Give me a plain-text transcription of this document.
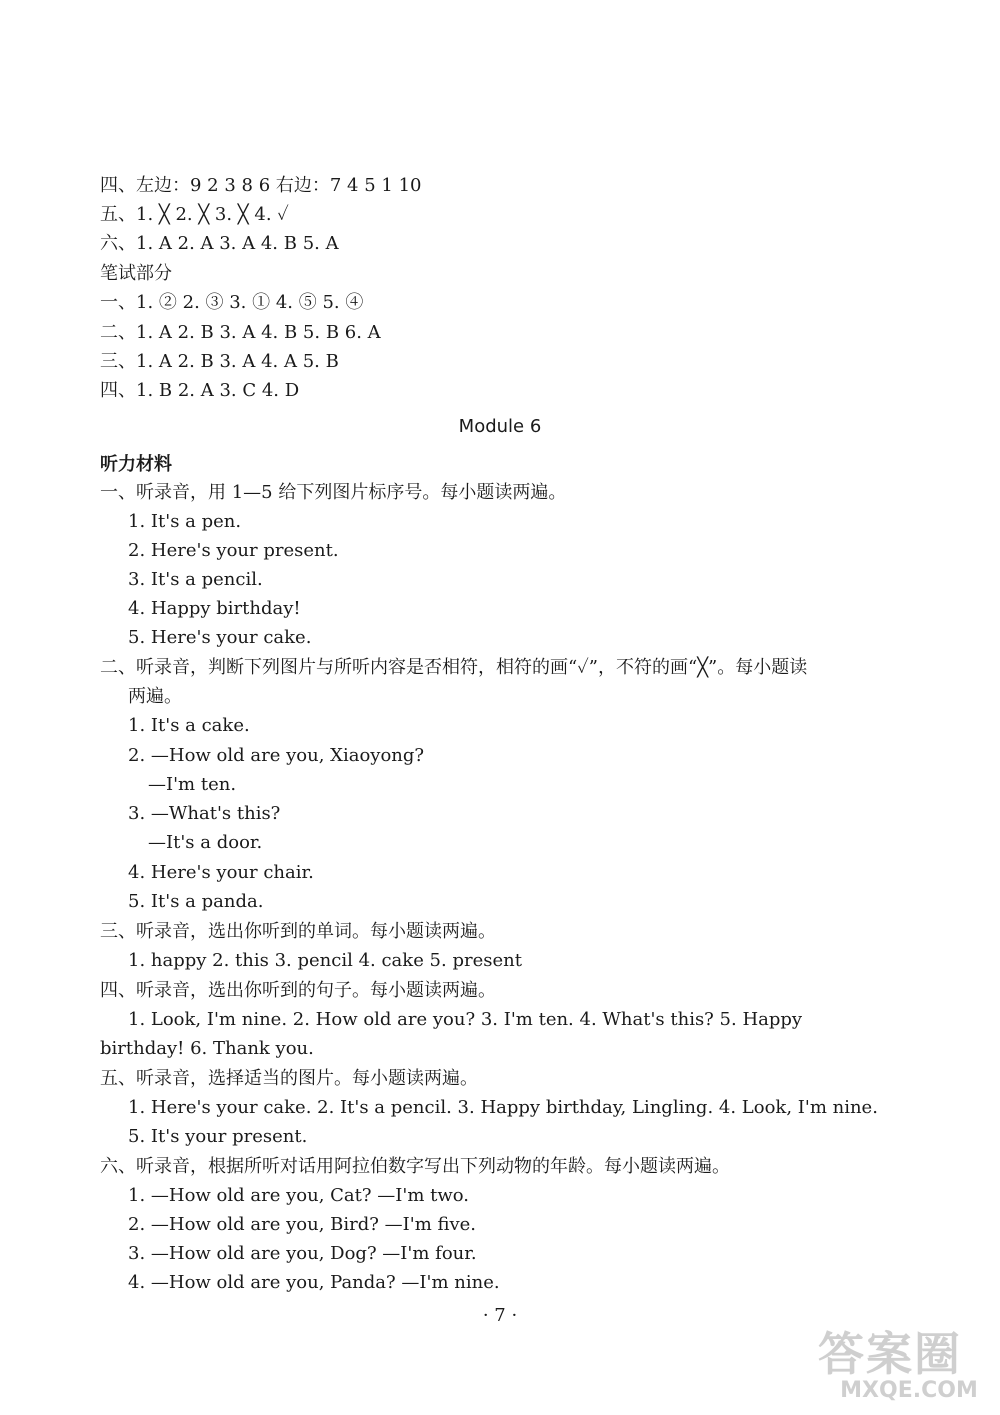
四、左边：9 2 3 8 6 右边：7 4 5 1 10
五、1. ╳ 2. ╳ 3. ╳ 4. ✓
六、1. A 2. A 3. A 4. B 5. A
笔试部分
一、1. ② 2. ③ 3. ① 4. ⑤ 5. ④
二、1. A 2. B 3. A 4. B 5. B 6. A
三、1. A 2. B 3. A 4. A 5. B
四、1. B 2. A 3. C 4. D
Module 6
听力材料
一、听录音，用 1—5 给下列图片标序号。每小题读两遍。
1. It's a pen.
2. Here's your present.
3. It's a pencil.
4. Happy birthday!
5. Here's your cake.
二、听录音，判断下列图片与所听内容是否相符，相符的画“✓”，不符的画“╳”。每小题读
两遍。
1. It's a cake.
2. —How old are you, Xiaoyong?
—I'm ten.
3. —What's this?
—It's a door.
4. Here's your chair.
5. It's a panda.
三、听录音，选出你听到的单词。每小题读两遍。
1. happy 2. this 3. pencil 4. cake 5. present
四、听录音，选出你听到的句子。每小题读两遍。
1. Look, I'm nine. 2. How old are you? 3. I'm ten. 4. What's this? 5. Happy
birthday! 6. Thank you.
五、听录音，选择适当的图片。每小题读两遍。
1. Here's your cake. 2. It's a pencil. 3. Happy birthday, Lingling. 4. Look, I'm nine.
5. It's your present.
六、听录音，根据所听对话用阿拉伯数字写出下列动物的年龄。每小题读两遍。
1. —How old are you, Cat? —I'm two.
2. —How old are you, Bird? —I'm five.
3. —How old are you, Dog? —I'm four.
4. —How old are you, Panda? —I'm nine.
· 7 ·
答案圈
MXQE.COM
